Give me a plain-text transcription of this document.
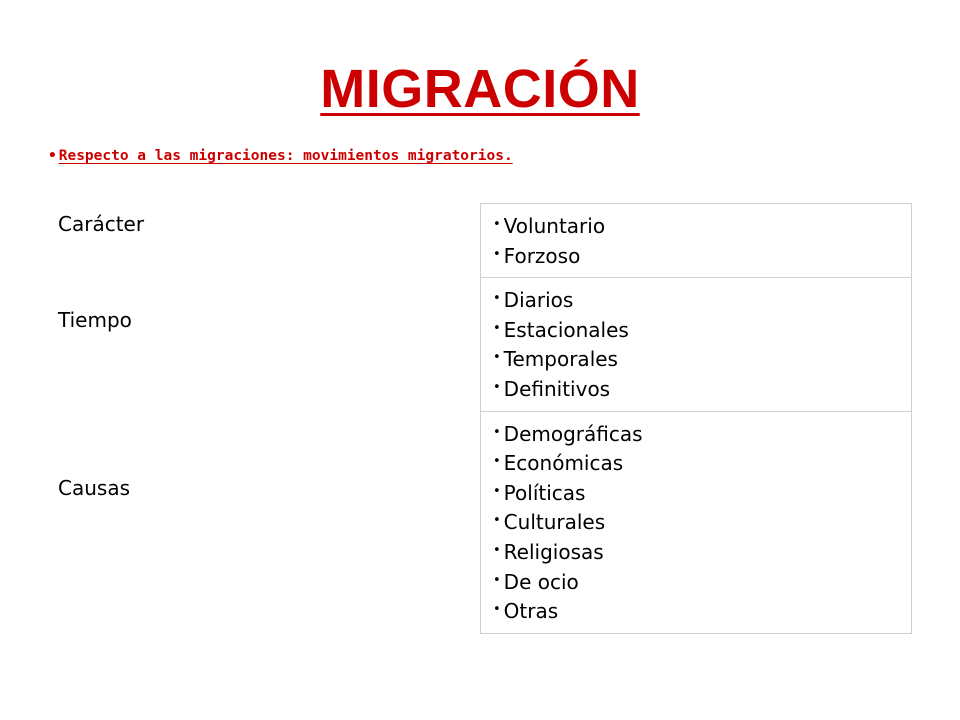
MIGRACIÓN
• Respecto a las migraciones: movimientos migratorios.
Carácter
Tiempo
Causas
• Voluntario
• Forzoso
• Diarios
• Estacionales
• Temporales
• Definitivos
• Demográficas
• Económicas
• Políticas
• Culturales
• Religiosas
• De ocio
• Otras
